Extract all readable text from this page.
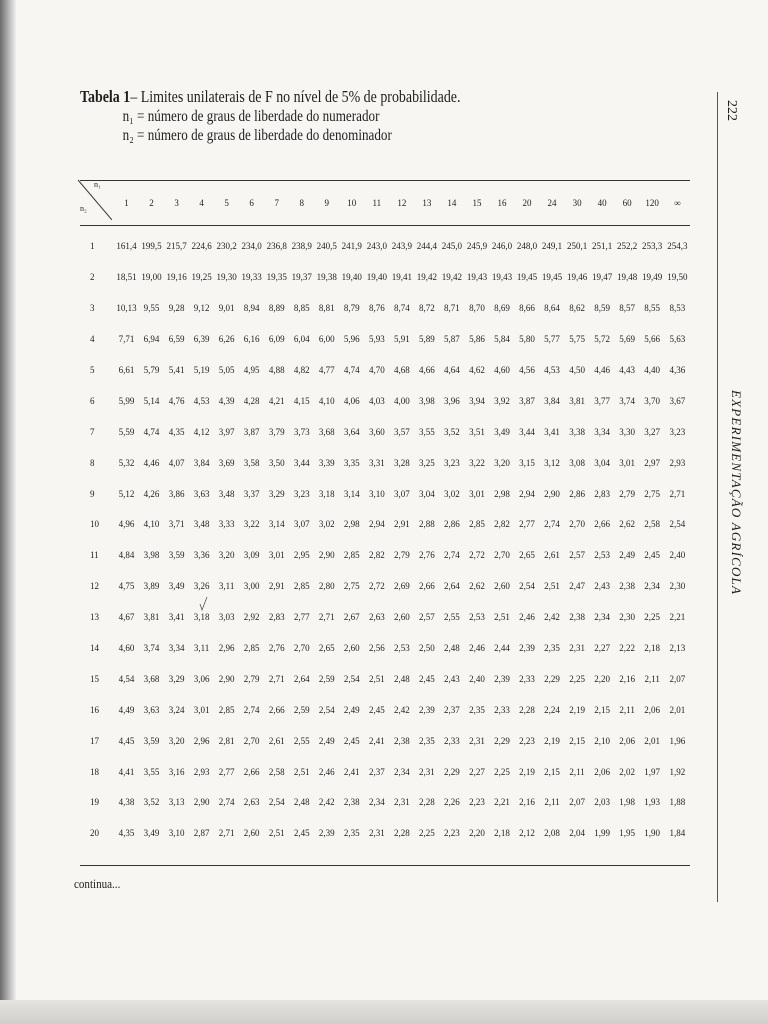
Tabela 1– Limites unilaterais de F no nível de 5% de probabilidade.
n₁ = número de graus de liberdade do numerador
n₂ = número de graus de liberdade do denominador
n₁
n₂
	1	2	3	4	5	6	7	8	9	10	11	12	13	14	15	16	20	24	30	40	60	120	∞
1	161,4	199,5	215,7	224,6	230,2	234,0	236,8	238,9	240,5	241,9	243,0	243,9	244,4	245,0	245,9	246,0	248,0	249,1	250,1	251,1	252,2	253,3	254,3
2	18,51	19,00	19,16	19,25	19,30	19,33	19,35	19,37	19,38	19,40	19,40	19,41	19,42	19,42	19,43	19,43	19,45	19,45	19,46	19,47	19,48	19,49	19,50
3	10,13	9,55	9,28	9,12	9,01	8,94	8,89	8,85	8,81	8,79	8,76	8,74	8,72	8,71	8,70	8,69	8,66	8,64	8,62	8,59	8,57	8,55	8,53
4	7,71	6,94	6,59	6,39	6,26	6,16	6,09	6,04	6,00	5,96	5,93	5,91	5,89	5,87	5,86	5,84	5,80	5,77	5,75	5,72	5,69	5,66	5,63
5	6,61	5,79	5,41	5,19	5,05	4,95	4,88	4,82	4,77	4,74	4,70	4,68	4,66	4,64	4,62	4,60	4,56	4,53	4,50	4,46	4,43	4,40	4,36
6	5,99	5,14	4,76	4,53	4,39	4,28	4,21	4,15	4,10	4,06	4,03	4,00	3,98	3,96	3,94	3,92	3,87	3,84	3,81	3,77	3,74	3,70	3,67
7	5,59	4,74	4,35	4,12	3,97	3,87	3,79	3,73	3,68	3,64	3,60	3,57	3,55	3,52	3,51	3,49	3,44	3,41	3,38	3,34	3,30	3,27	3,23
8	5,32	4,46	4,07	3,84	3,69	3,58	3,50	3,44	3,39	3,35	3,31	3,28	3,25	3,23	3,22	3,20	3,15	3,12	3,08	3,04	3,01	2,97	2,93
9	5,12	4,26	3,86	3,63	3,48	3,37	3,29	3,23	3,18	3,14	3,10	3,07	3,04	3,02	3,01	2,98	2,94	2,90	2,86	2,83	2,79	2,75	2,71
10	4,96	4,10	3,71	3,48	3,33	3,22	3,14	3,07	3,02	2,98	2,94	2,91	2,88	2,86	2,85	2,82	2,77	2,74	2,70	2,66	2,62	2,58	2,54
11	4,84	3,98	3,59	3,36	3,20	3,09	3,01	2,95	2,90	2,85	2,82	2,79	2,76	2,74	2,72	2,70	2,65	2,61	2,57	2,53	2,49	2,45	2,40
12	4,75	3,89	3,49	3,26	3,11	3,00	2,91	2,85	2,80	2,75	2,72	2,69	2,66	2,64	2,62	2,60	2,54	2,51	2,47	2,43	2,38	2,34	2,30
13	4,67	3,81	3,41	3,18	3,03	2,92	2,83	2,77	2,71	2,67	2,63	2,60	2,57	2,55	2,53	2,51	2,46	2,42	2,38	2,34	2,30	2,25	2,21
14	4,60	3,74	3,34	3,11	2,96	2,85	2,76	2,70	2,65	2,60	2,56	2,53	2,50	2,48	2,46	2,44	2,39	2,35	2,31	2,27	2,22	2,18	2,13
15	4,54	3,68	3,29	3,06	2,90	2,79	2,71	2,64	2,59	2,54	2,51	2,48	2,45	2,43	2,40	2,39	2,33	2,29	2,25	2,20	2,16	2,11	2,07
16	4,49	3,63	3,24	3,01	2,85	2,74	2,66	2,59	2,54	2,49	2,45	2,42	2,39	2,37	2,35	2,33	2,28	2,24	2,19	2,15	2,11	2,06	2,01
17	4,45	3,59	3,20	2,96	2,81	2,70	2,61	2,55	2,49	2,45	2,41	2,38	2,35	2,33	2,31	2,29	2,23	2,19	2,15	2,10	2,06	2,01	1,96
18	4,41	3,55	3,16	2,93	2,77	2,66	2,58	2,51	2,46	2,41	2,37	2,34	2,31	2,29	2,27	2,25	2,19	2,15	2,11	2,06	2,02	1,97	1,92
19	4,38	3,52	3,13	2,90	2,74	2,63	2,54	2,48	2,42	2,38	2,34	2,31	2,28	2,26	2,23	2,21	2,16	2,11	2,07	2,03	1,98	1,93	1,88
20	4,35	3,49	3,10	2,87	2,71	2,60	2,51	2,45	2,39	2,35	2,31	2,28	2,25	2,23	2,20	2,18	2,12	2,08	2,04	1,99	1,95	1,90	1,84
continua...
222
EXPERIMENTAÇÃO AGRÍCOLA
